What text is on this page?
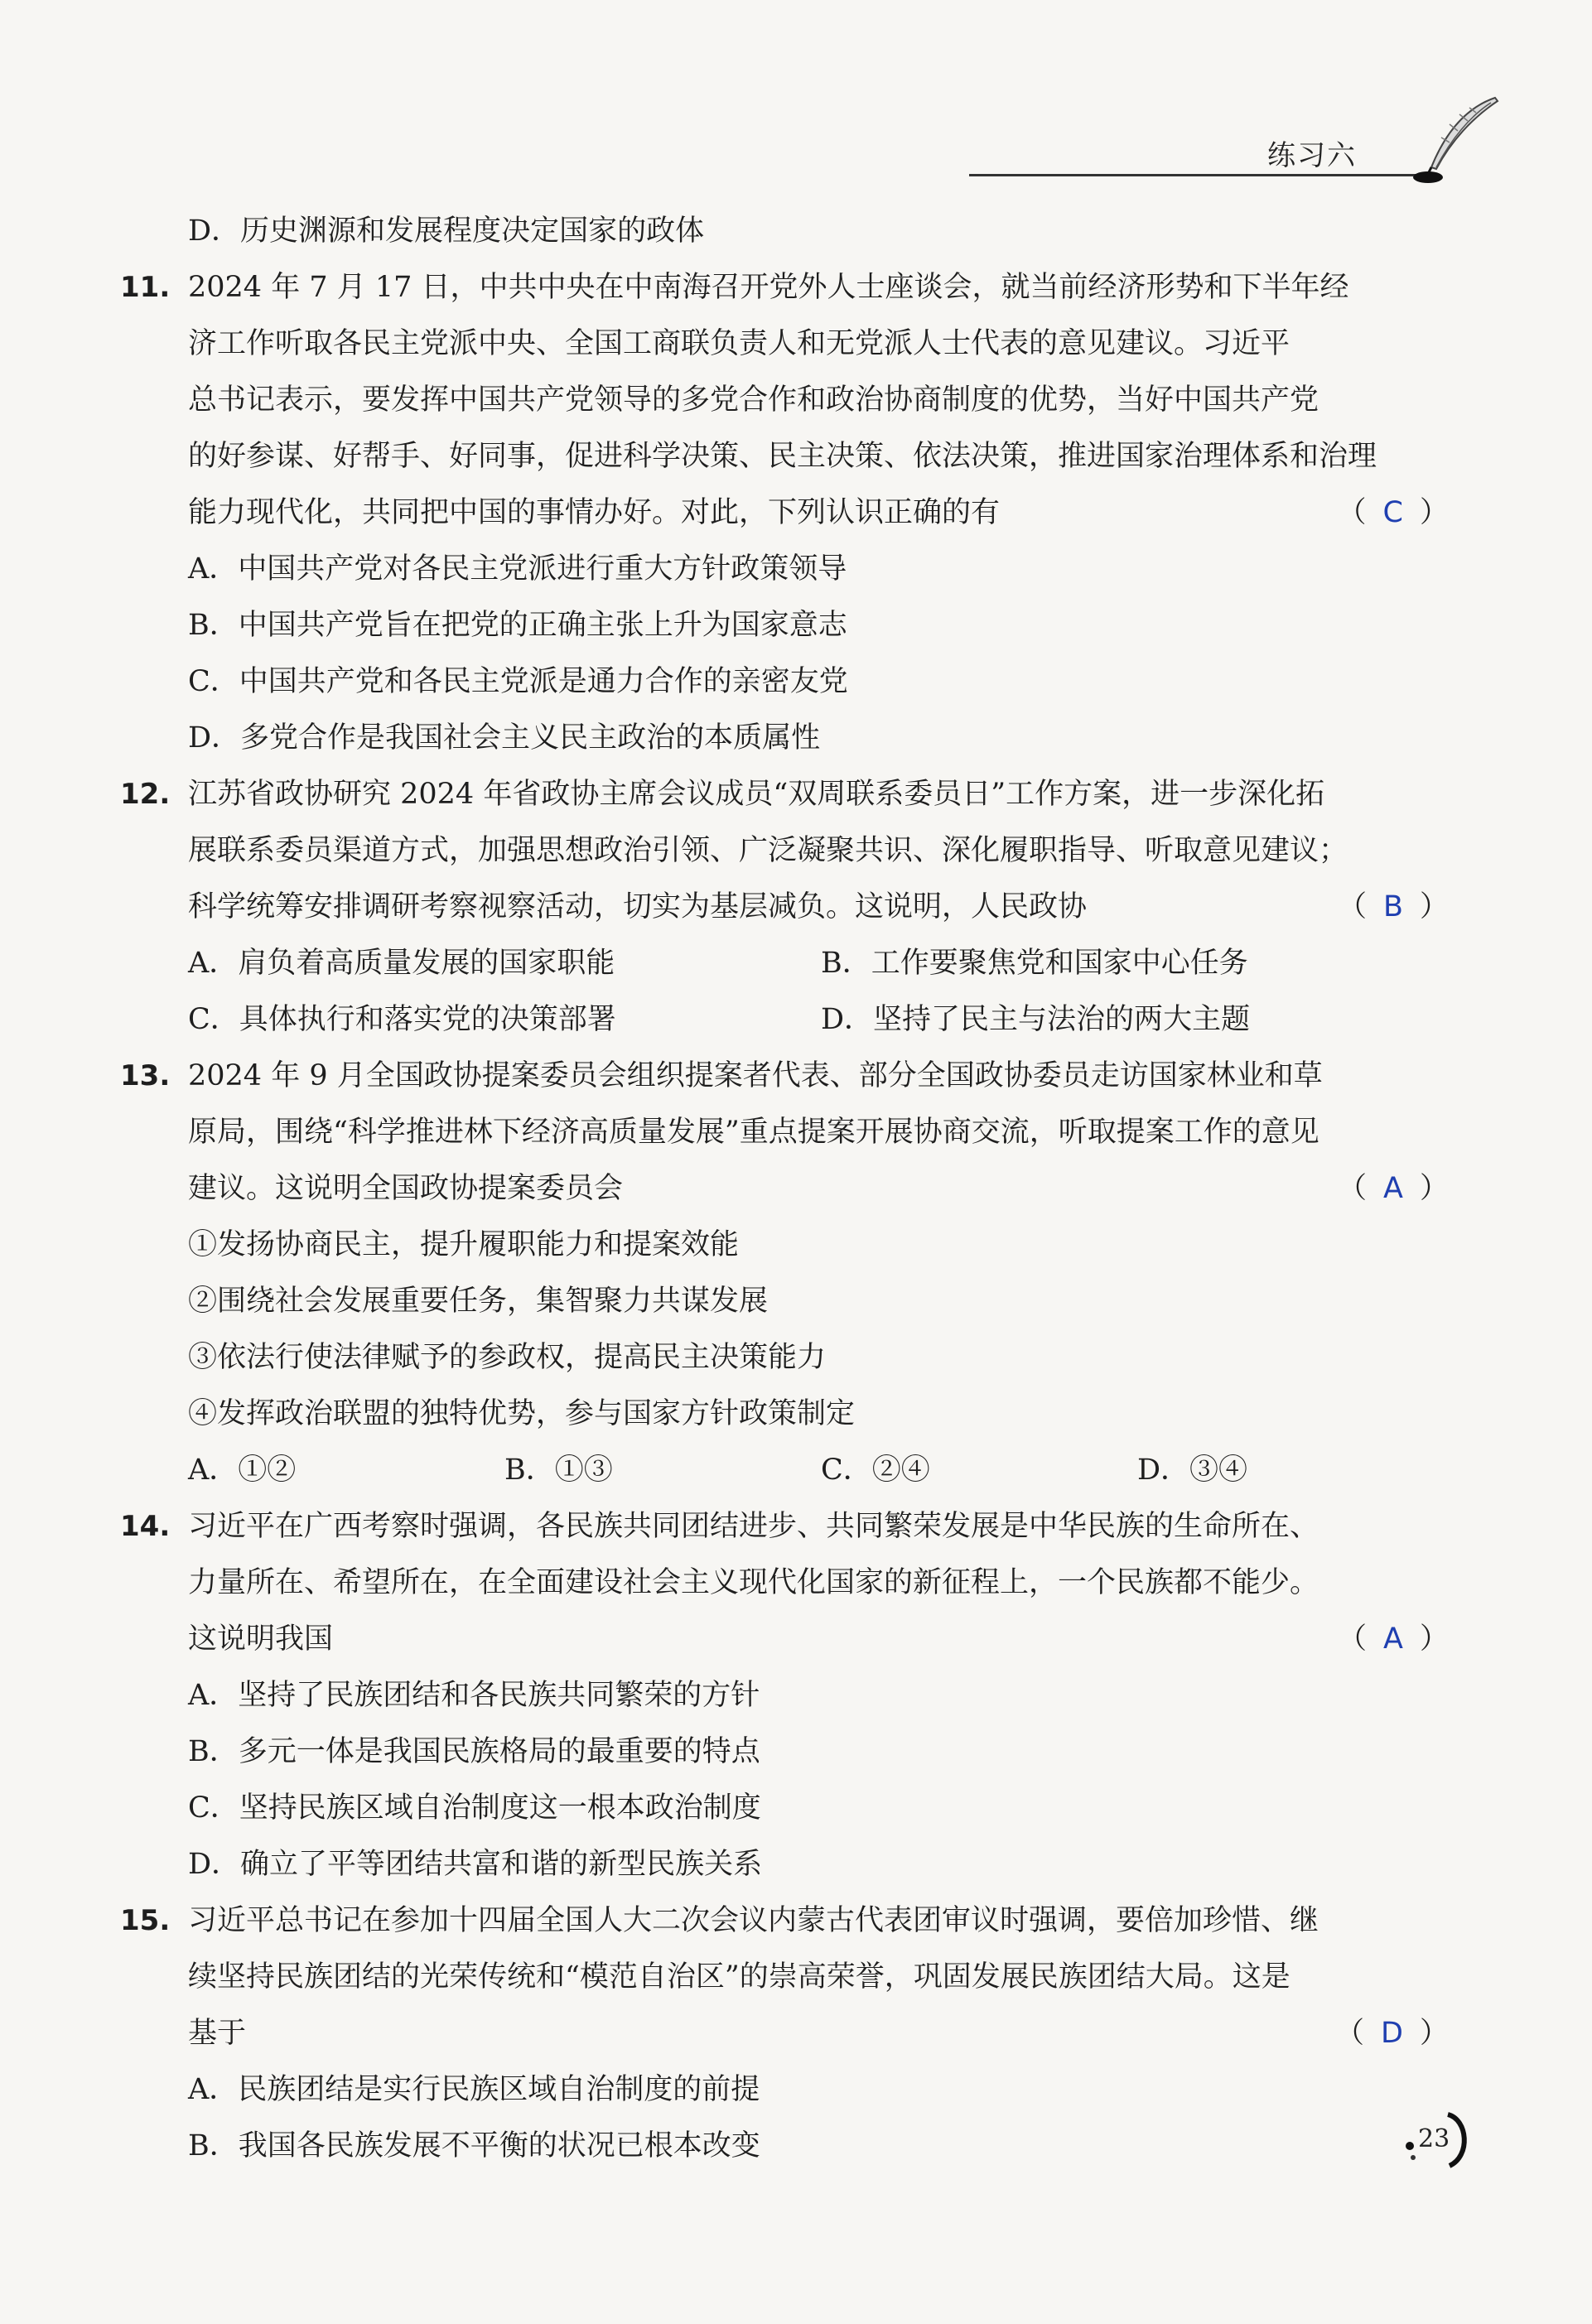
练习六
D．历史渊源和发展程度决定国家的政体
11. 2024 年 7 月 17 日，中共中央在中南海召开党外人士座谈会，就当前经济形势和下半年经
济工作听取各民主党派中央、全国工商联负责人和无党派人士代表的意见建议。习近平
总书记表示，要发挥中国共产党领导的多党合作和政治协商制度的优势，当好中国共产党
的好参谋、好帮手、好同事，促进科学决策、民主决策、依法决策，推进国家治理体系和治理
能力现代化，共同把中国的事情办好。对此，下列认识正确的有	（ C ）
A．中国共产党对各民主党派进行重大方针政策领导
B．中国共产党旨在把党的正确主张上升为国家意志
C．中国共产党和各民主党派是通力合作的亲密友党
D．多党合作是我国社会主义民主政治的本质属性
12. 江苏省政协研究 2024 年省政协主席会议成员“双周联系委员日”工作方案，进一步深化拓
展联系委员渠道方式，加强思想政治引领、广泛凝聚共识、深化履职指导、听取意见建议；
科学统筹安排调研考察视察活动，切实为基层减负。这说明，人民政协	（ B ）
A．肩负着高质量发展的国家职能	B．工作要聚焦党和国家中心任务
C．具体执行和落实党的决策部署	D．坚持了民主与法治的两大主题
13. 2024 年 9 月全国政协提案委员会组织提案者代表、部分全国政协委员走访国家林业和草
原局，围绕“科学推进林下经济高质量发展”重点提案开展协商交流，听取提案工作的意见
建议。这说明全国政协提案委员会	（ A ）
①发扬协商民主，提升履职能力和提案效能
②围绕社会发展重要任务，集智聚力共谋发展
③依法行使法律赋予的参政权，提高民主决策能力
④发挥政治联盟的独特优势，参与国家方针政策制定
A．①②	B．①③	C．②④	D．③④
14. 习近平在广西考察时强调，各民族共同团结进步、共同繁荣发展是中华民族的生命所在、
力量所在、希望所在，在全面建设社会主义现代化国家的新征程上，一个民族都不能少。
这说明我国	（ A ）
A．坚持了民族团结和各民族共同繁荣的方针
B．多元一体是我国民族格局的最重要的特点
C．坚持民族区域自治制度这一根本政治制度
D．确立了平等团结共富和谐的新型民族关系
15. 习近平总书记在参加十四届全国人大二次会议内蒙古代表团审议时强调，要倍加珍惜、继
续坚持民族团结的光荣传统和“模范自治区”的崇高荣誉，巩固发展民族团结大局。这是
基于	（ D ）
A．民族团结是实行民族区域自治制度的前提
B．我国各民族发展不平衡的状况已根本改变	23
